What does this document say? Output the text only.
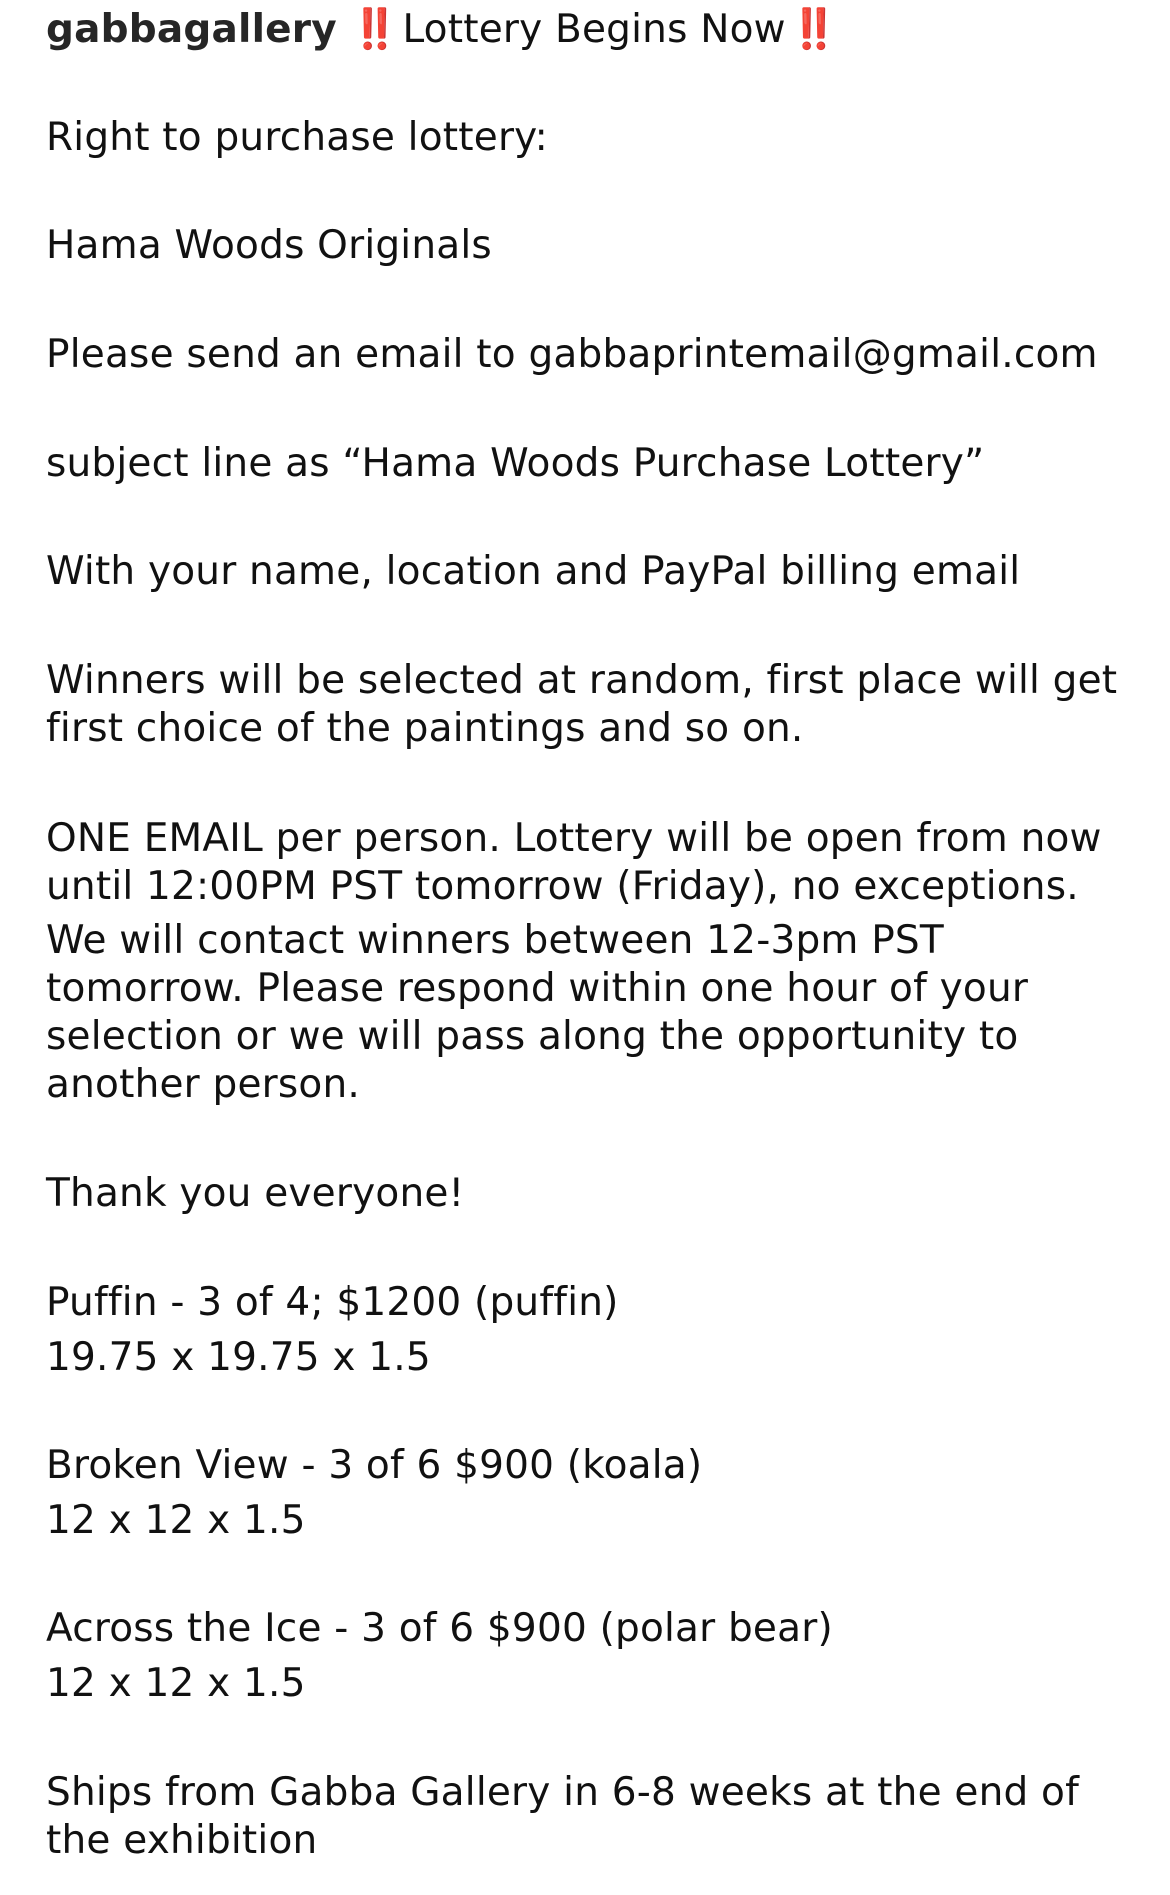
gabbagallery ‼️ Lottery Begins Now ‼️
Right to purchase lottery:
Hama Woods Originals
Please send an email to gabbaprintemail@gmail.com
subject line as “Hama Woods Purchase Lottery”
With your name, location and PayPal billing email
Winners will be selected at random, first place will get
first choice of the paintings and so on.
ONE EMAIL per person. Lottery will be open from now
until 12:00PM PST tomorrow (Friday), no exceptions.
We will contact winners between 12-3pm PST
tomorrow. Please respond within one hour of your
selection or we will pass along the opportunity to
another person.
Thank you everyone!
Puffin - 3 of 4; $1200 (puffin)
19.75 x 19.75 x 1.5
Broken View - 3 of 6 $900 (koala)
12 x 12 x 1.5
Across the Ice - 3 of 6 $900 (polar bear)
12 x 12 x 1.5
Ships from Gabba Gallery in 6-8 weeks at the end of
the exhibition
